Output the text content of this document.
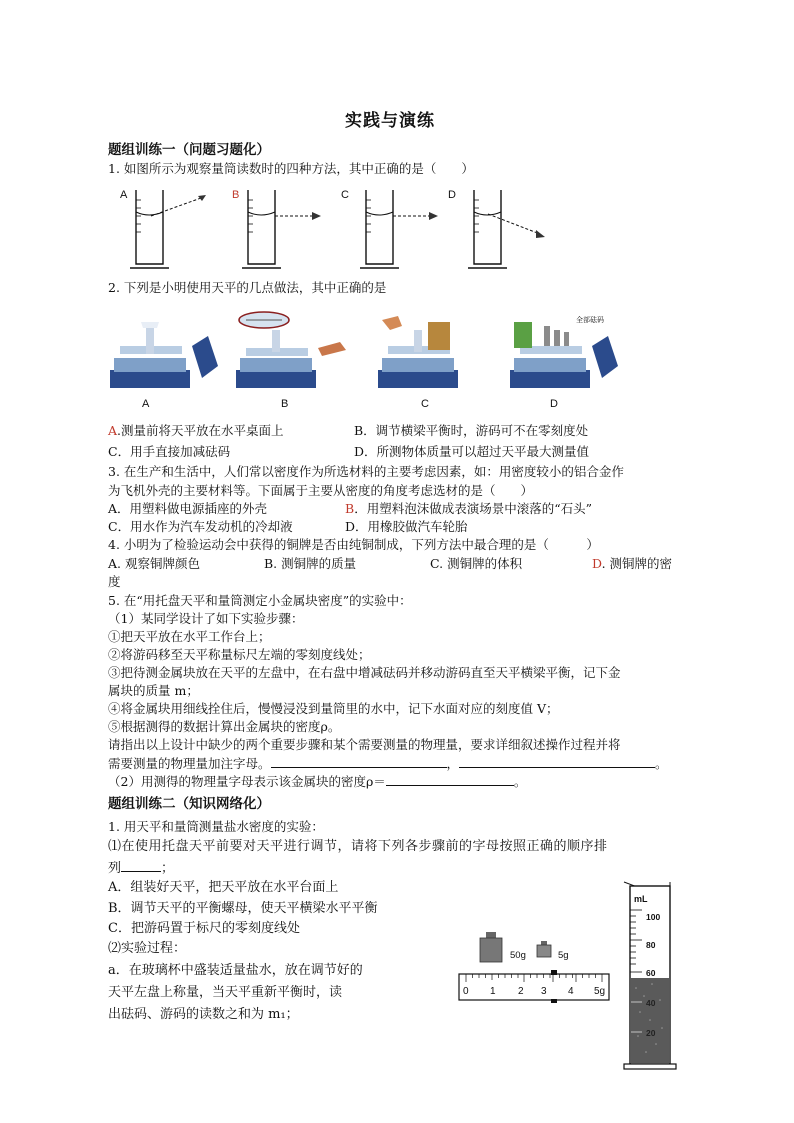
实践与演练
题组训练一（问题习题化）
1. 如图所示为观察量筒读数时的四种方法，其中正确的是（　　）
A	B	C	D
2. 下列是小明使用天平的几点做法，其中正确的是
A	B	C
全部砝码
D
A.测量前将天平放在水平桌面上	B．调节横梁平衡时，游码可不在零刻度处
C．用手直接加减砝码	D．所测物体质量可以超过天平最大测量值
3. 在生产和生活中，人们常以密度作为所选材料的主要考虑因素，如：用密度较小的铝合金作
为飞机外壳的主要材料等。下面属于主要从密度的角度考虑选材的是（　　）
A．用塑料做电源插座的外壳	B．用塑料泡沫做成表演场景中滚落的“石头”
C．用水作为汽车发动机的冷却液	D．用橡胶做汽车轮胎
4. 小明为了检验运动会中获得的铜牌是否由纯铜制成，下列方法中最合理的是（　　　）
A. 观察铜牌颜色	B. 测铜牌的质量	C. 测铜牌的体积	D. 测铜牌的密
度
5. 在“用托盘天平和量筒测定小金属块密度”的实验中：
（1）某同学设计了如下实验步骤：
①把天平放在水平工作台上；
②将游码移至天平称量标尺左端的零刻度线处；
③把待测金属块放在天平的左盘中，在右盘中增减砝码并移动游码直至天平横梁平衡，记下金
属块的质量 m；
④将金属块用细线拴住后，慢慢浸没到量筒里的水中，记下水面对应的刻度值 V；
⑤根据测得的数据计算出金属块的密度ρ。
请指出以上设计中缺少的两个重要步骤和某个需要测量的物理量，要求详细叙述操作过程并将
需要测量的物理量加注字母。	，	。
（2）用测得的物理量字母表示该金属块的密度ρ＝	。
题组训练二（知识网络化）
1. 用天平和量筒测量盐水密度的实验：
⑴在使用托盘天平前要对天平进行调节，请将下列各步骤前的字母按照正确的顺序排
列	；
A．组装好天平，把天平放在水平台面上
B．调节天平的平衡螺母，使天平横梁水平平衡
C．把游码置于标尺的零刻度线处
⑵实验过程：
a．在玻璃杯中盛装适量盐水，放在调节好的
天平左盘上称量，当天平重新平衡时，读
出砝码、游码的读数之和为 m₁；
50g	5g
0 1 2 3 4 5g
mL
100
80
60
40
20
